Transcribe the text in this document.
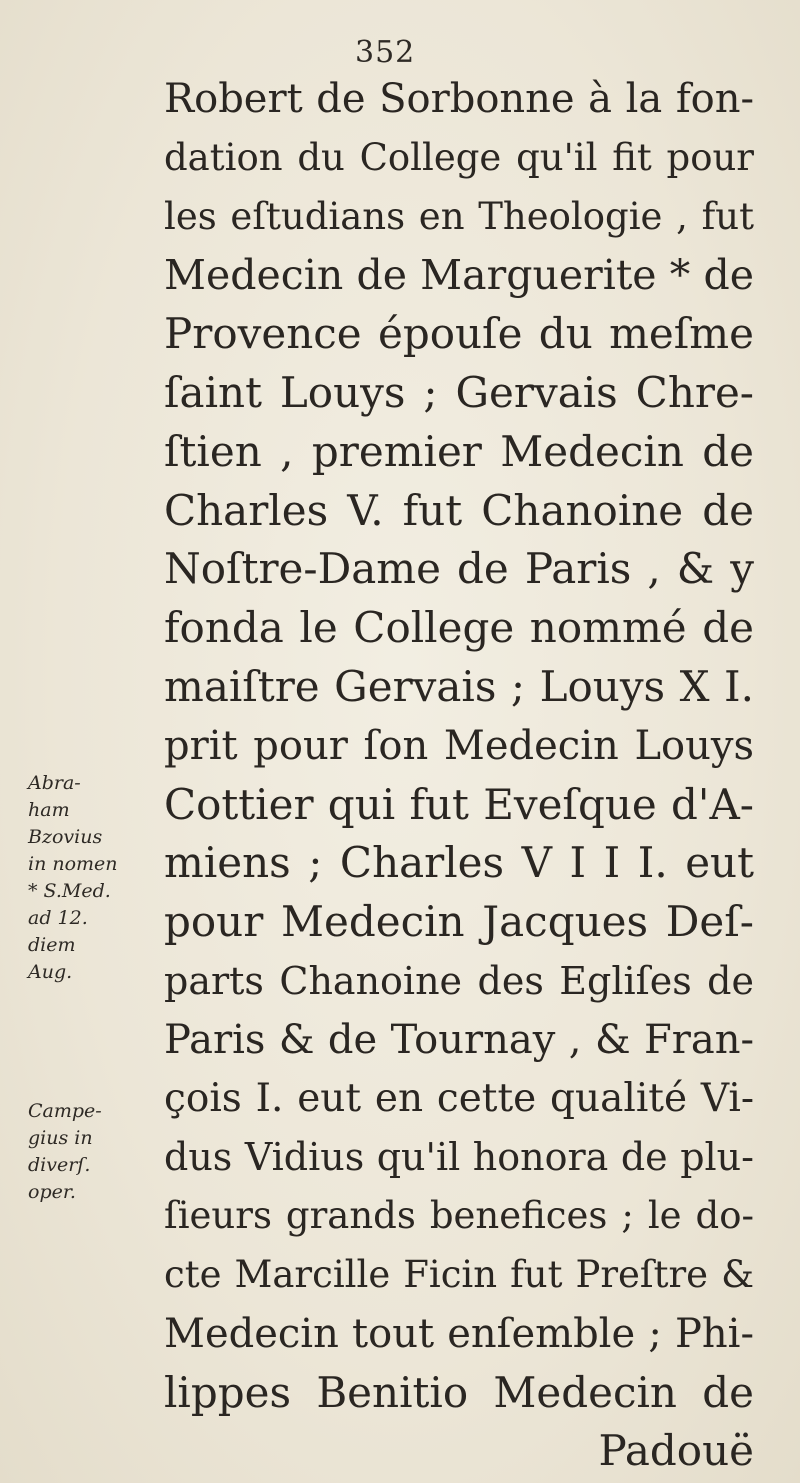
352
Robert de Sorbonne à la fon-
dation du College qu'il fit pour
les eſtudians en Theologie , fut
Medecin de Marguerite * de
Provence épouſe du meſme
ſaint Louys ; Gervais Chre-
ſtien , premier Medecin de
Charles V. fut Chanoine de
Noſtre-Dame de Paris , & y
fonda le College nommé de
maiſtre Gervais ; Louys X I.
prit pour ſon Medecin Louys
Cottier qui fut Eveſque d'A-
miens ; Charles V I I I. eut
pour Medecin Jacques Deſ-
parts Chanoine des Egliſes de
Paris & de Tournay , & Fran-
çois I. eut en cette qualité Vi-
dus Vidius qu'il honora de plu-
ſieurs grands benefices ; le do-
cte Marcille Ficin fut Preſtre &
Medecin tout enſemble ; Phi-
lippes Benitio Medecin de
Padouë
Abra-
ham
Bzovius
in nomen
* S.Med.
ad 12.
diem
Aug.
Campe-
gius in
diverſ.
oper.
